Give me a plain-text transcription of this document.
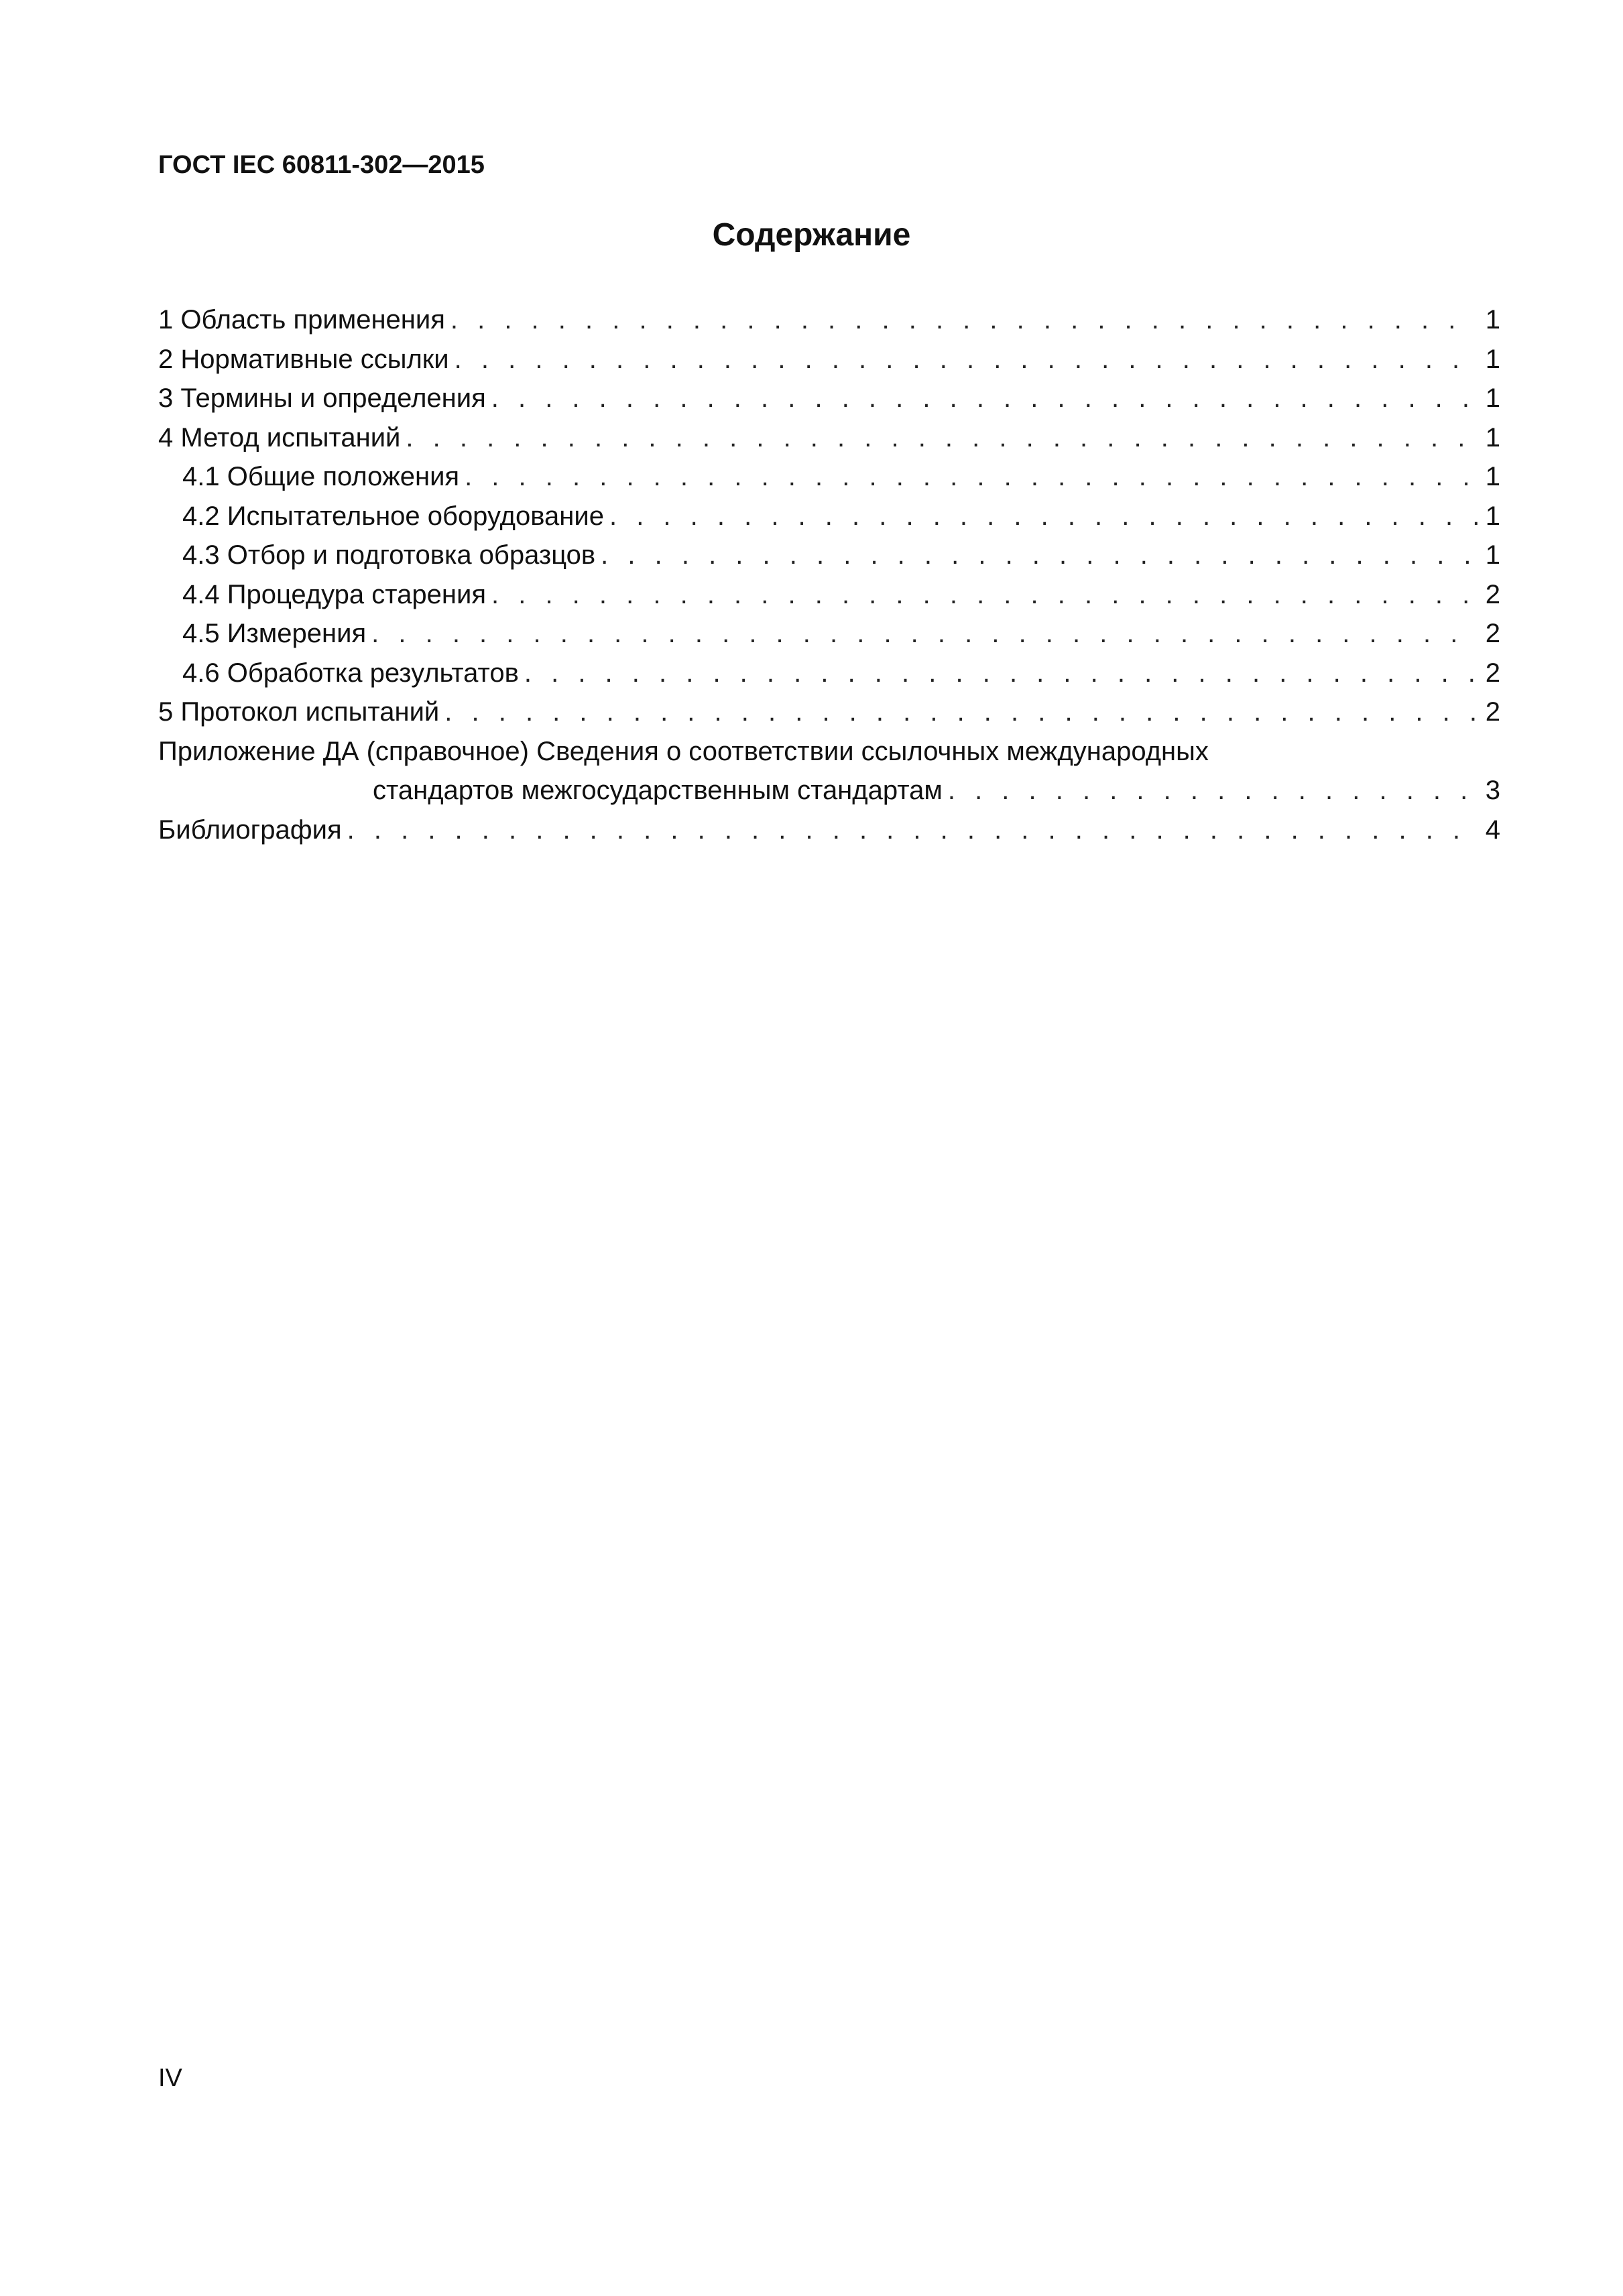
ГОСТ IEC 60811-302—2015
Содержание
1 Область применения . . .	1
2 Нормативные ссылки . . .	1
3 Термины и определения . . .	1
4 Метод испытаний . . .	1
4.1 Общие положения . . .	1
4.2 Испытательное оборудование . . .	1
4.3 Отбор и подготовка образцов . . .	1
4.4 Процедура старения . . .	2
4.5 Измерения . . .	2
4.6 Обработка результатов . . .	2
5 Протокол испытаний . . .	2
Приложение ДА (справочное) Сведения о соответствии ссылочных международных
стандартов межгосударственным стандартам . . .	3
Библиография . . .	4
IV
